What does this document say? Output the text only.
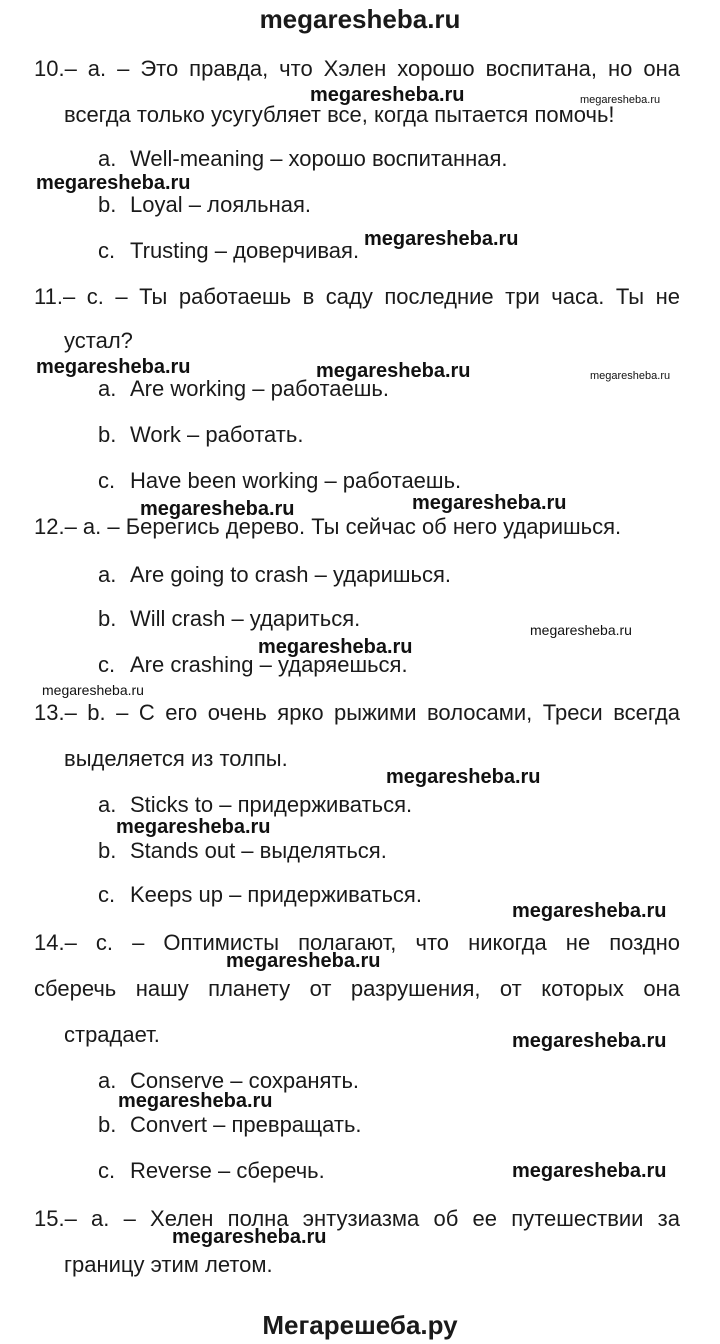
megaresheba.ru
10.– a. – Это правда, что Хэлен хорошо воспитана, но она
всегда только усугубляет все, когда пытается помочь!
a. Well-meaning – хорошо воспитанная.
b. Loyal – лояльная.
c. Trusting – доверчивая.
11.– c. – Ты работаешь в саду последние три часа. Ты не
устал?
a. Are working – работаешь.
b. Work – работать.
c. Have been working – работаешь.
12.– a. – Берегись дерево. Ты сейчас об него ударишься.
a. Are going to crash – ударишься.
b. Will crash – удариться.
c. Are crashing – ударяешься.
13.– b. – С его очень ярко рыжими волосами, Треси всегда
выделяется из толпы.
a. Sticks to – придерживаться.
b. Stands out – выделяться.
c. Keeps up – придерживаться.
14.– c. – Оптимисты полагают, что никогда не поздно
сберечь нашу планету от разрушения, от которых она
страдает.
a. Conserve – сохранять.
b. Convert – превращать.
c. Reverse – сберечь.
15.– a. – Хелен полна энтузиазма об ее путешествии за
границу этим летом.
Мегарешеба.ру
megaresheba.ru	megaresheba.ru
megaresheba.ru
megaresheba.ru
megaresheba.ru	megaresheba.ru	megaresheba.ru
megaresheba.ru	megaresheba.ru
megaresheba.ru
megaresheba.ru
megaresheba.ru
megaresheba.ru
megaresheba.ru
megaresheba.ru
megaresheba.ru
megaresheba.ru
megaresheba.ru
megaresheba.ru
megaresheba.ru
